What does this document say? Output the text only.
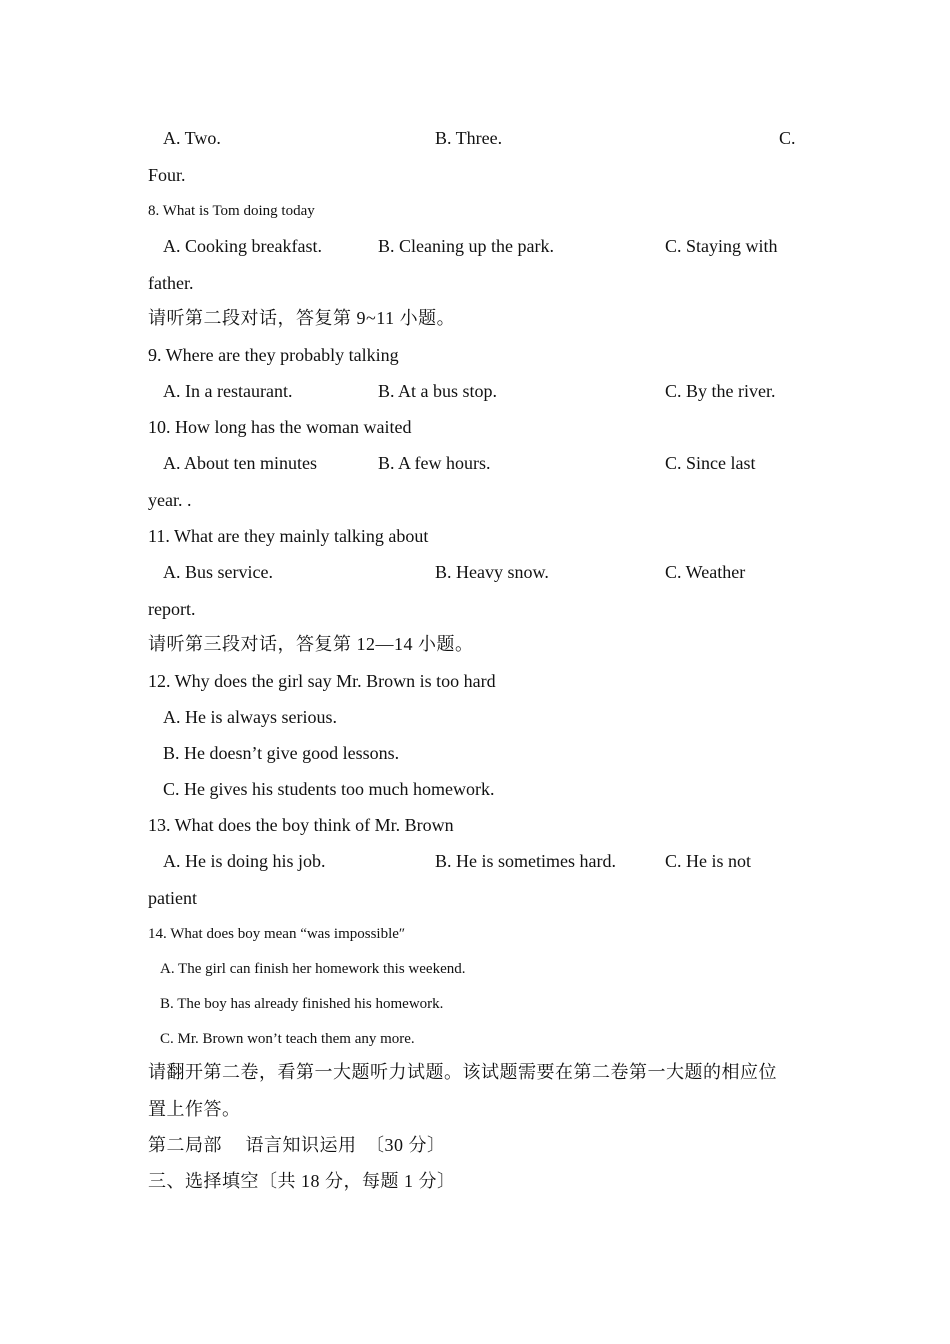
A. Two.	B. Three.	C.
Four.
8. What is Tom doing today
A. Cooking breakfast.	B. Cleaning up the park.	C. Staying with
father.
请听第二段对话，答复第 9~11 小题。
9. Where are they probably talking
A. In a restaurant.	B. At a bus stop.	C. By the river.
10. How long has the woman waited
A. About ten minutes	B. A few hours.	C. Since last
year. .
11. What are they mainly talking about
A. Bus service.	B. Heavy snow.	C. Weather
report.
请听第三段对话，答复第 12—14 小题。
12. Why does the girl say Mr. Brown is too hard
A. He is always serious.
B. He doesn’t give good lessons.
C. He gives his students too much homework.
13. What does the boy think of Mr. Brown
A. He is doing his job.	B. He is sometimes hard.	C. He is not
patient
14. What does boy mean “was impossible″
A. The girl can finish her homework this weekend.
B. The boy has already finished his homework.
C. Mr. Brown won’t teach them any more.
请翻开第二卷，看第一大题听力试题。该试题需要在第二卷第一大题的相应位
置上作答。
第二局部　 语言知识运用　〔30 分〕
三、选择填空〔共 18 分，每题 1 分〕
